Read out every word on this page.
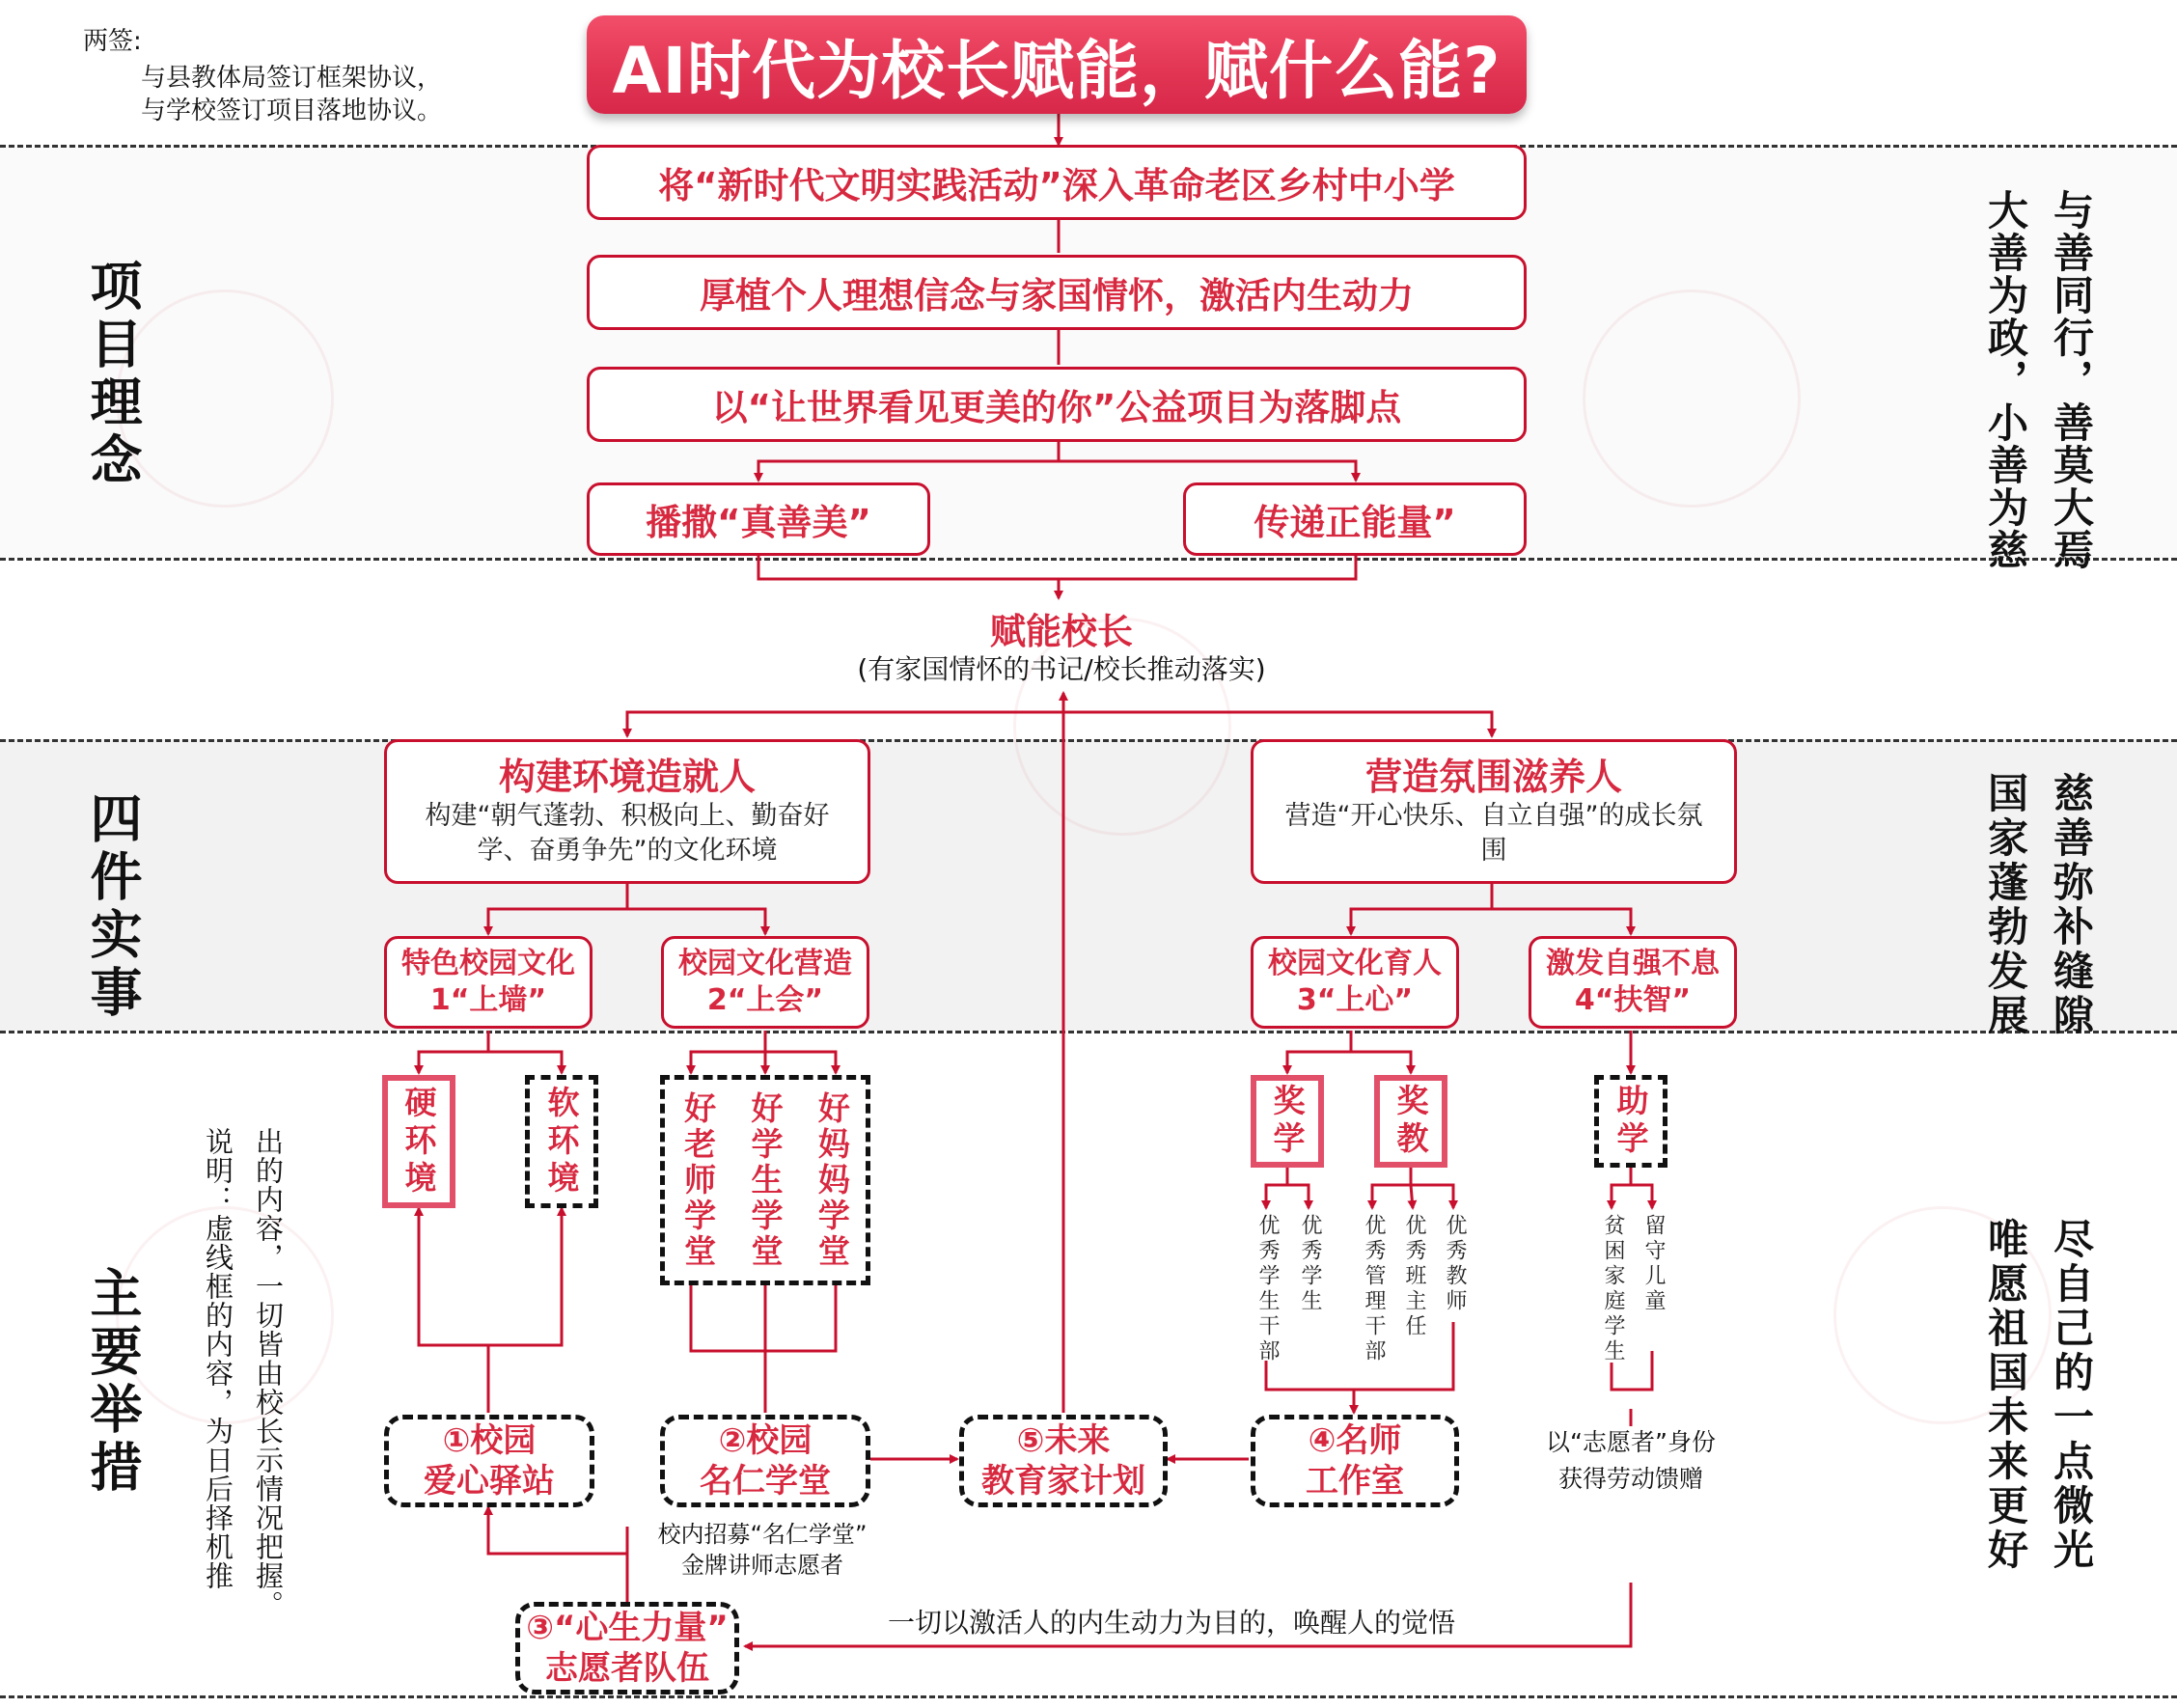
两签:
与县教体局签订框架协议，
与学校签订项目落地协议。
AI时代为校长赋能，赋什么能?
项目理念
四件实事
主要举措
与善同行，善莫大焉
大善为政，小善为慈
慈善弥补缝隙
国家蓬勃发展
尽自己的一点微光
唯愿祖国未来更好
将“新时代文明实践活动”深入革命老区乡村中小学
厚植个人理想信念与家国情怀，激活内生动力
以“让世界看见更美的你”公益项目为落脚点
播撒“真善美”	传递正能量”
赋能校长
(有家国情怀的书记/校长推动落实)
构建环境造就人
构建“朝气蓬勃、积极向上、勤奋好学、奋勇争先”的文化环境
营造氛围滋养人
营造“开心快乐、自立自强”的成长氛围
特色校园文化
1“上墙”
校园文化营造
2“上会”
校园文化育人
3“上心”
激发自强不息
4“扶智”
硬环境	软环境	好老师学堂 好学生学堂 好妈妈学堂	奖学	奖教	助学
优秀学生干部 优秀学生 优秀管理干部 优秀班主任 优秀教师	贫困家庭学生 留守儿童
①校园
爱心驿站
②校园
名仁学堂
⑤未来
教育家计划
④名师
工作室
③“心生力量”
志愿者队伍
校内招募“名仁学堂”
金牌讲师志愿者
以“志愿者”身份
获得劳动馈赠
一切以激活人的内生动力为目的，唤醒人的觉悟
说明：虚线框的内容，为日后择机推 出的内容，一切皆由校长示情况把握。
